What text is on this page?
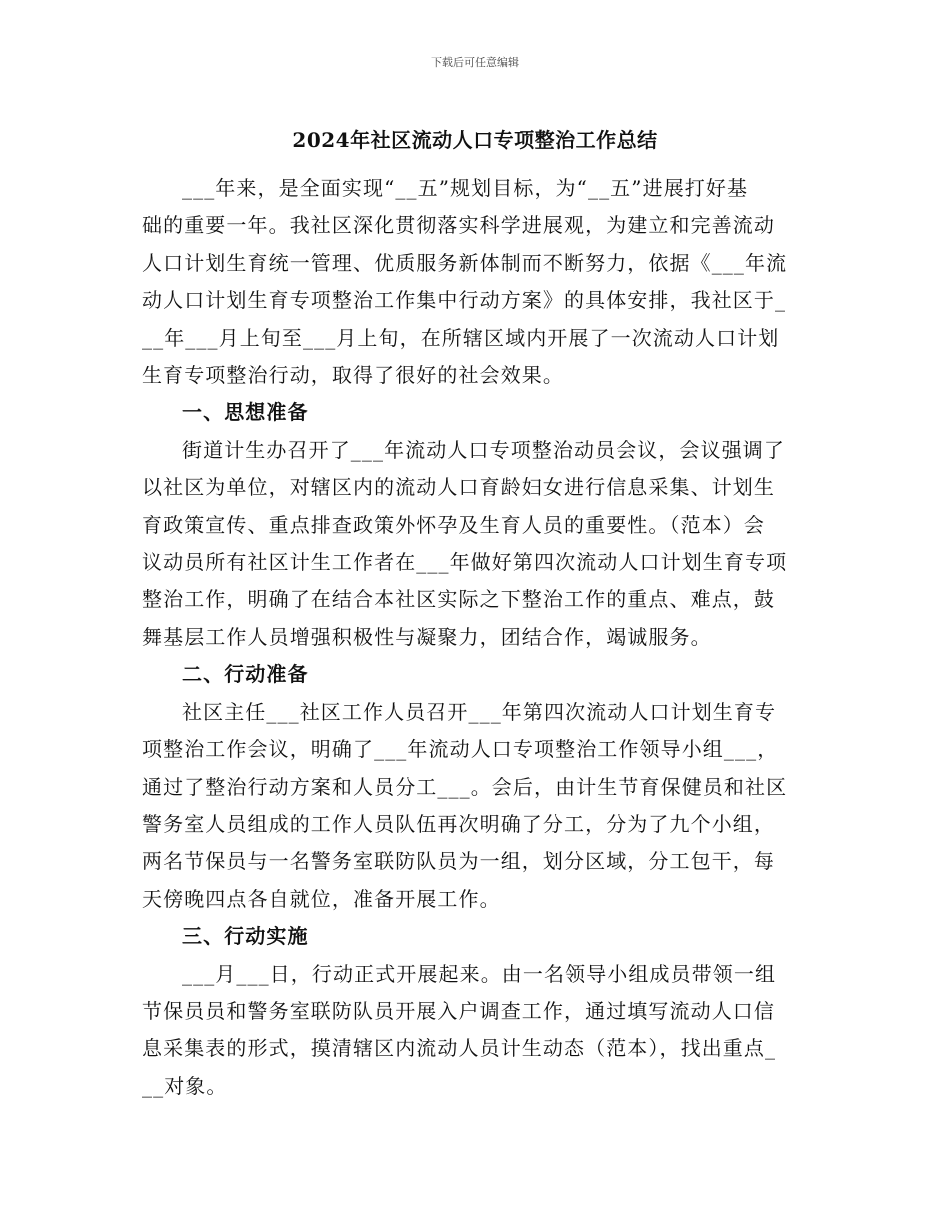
下载后可任意编辑
2024年社区流动人口专项整治工作总结

___年来，是全面实现“__五”规划目标，为“__五”进展打好基
础的重要一年。我社区深化贯彻落实科学进展观，为建立和完善流动
人口计划生育统一管理、优质服务新体制而不断努力，依据《___年流
动人口计划生育专项整治工作集中行动方案》的具体安排，我社区于_
__年___月上旬至___月上旬，在所辖区域内开展了一次流动人口计划
生育专项整治行动，取得了很好的社会效果。

一、思想准备

街道计生办召开了___年流动人口专项整治动员会议，会议强调了
以社区为单位，对辖区内的流动人口育龄妇女进行信息采集、计划生
育政策宣传、重点排查政策外怀孕及生育人员的重要性。（范本）会
议动员所有社区计生工作者在___年做好第四次流动人口计划生育专项
整治工作，明确了在结合本社区实际之下整治工作的重点、难点，鼓
舞基层工作人员增强积极性与凝聚力，团结合作，竭诚服务。

二、行动准备

社区主任___社区工作人员召开___年第四次流动人口计划生育专
项整治工作会议，明确了___年流动人口专项整治工作领导小组___，
通过了整治行动方案和人员分工___。会后，由计生节育保健员和社区
警务室人员组成的工作人员队伍再次明确了分工，分为了九个小组，
两名节保员与一名警务室联防队员为一组，划分区域，分工包干，每
天傍晚四点各自就位，准备开展工作。

三、行动实施

___月___日，行动正式开展起来。由一名领导小组成员带领一组
节保员员和警务室联防队员开展入户调查工作，通过填写流动人口信
息采集表的形式，摸清辖区内流动人员计生动态（范本），找出重点_
__对象。
